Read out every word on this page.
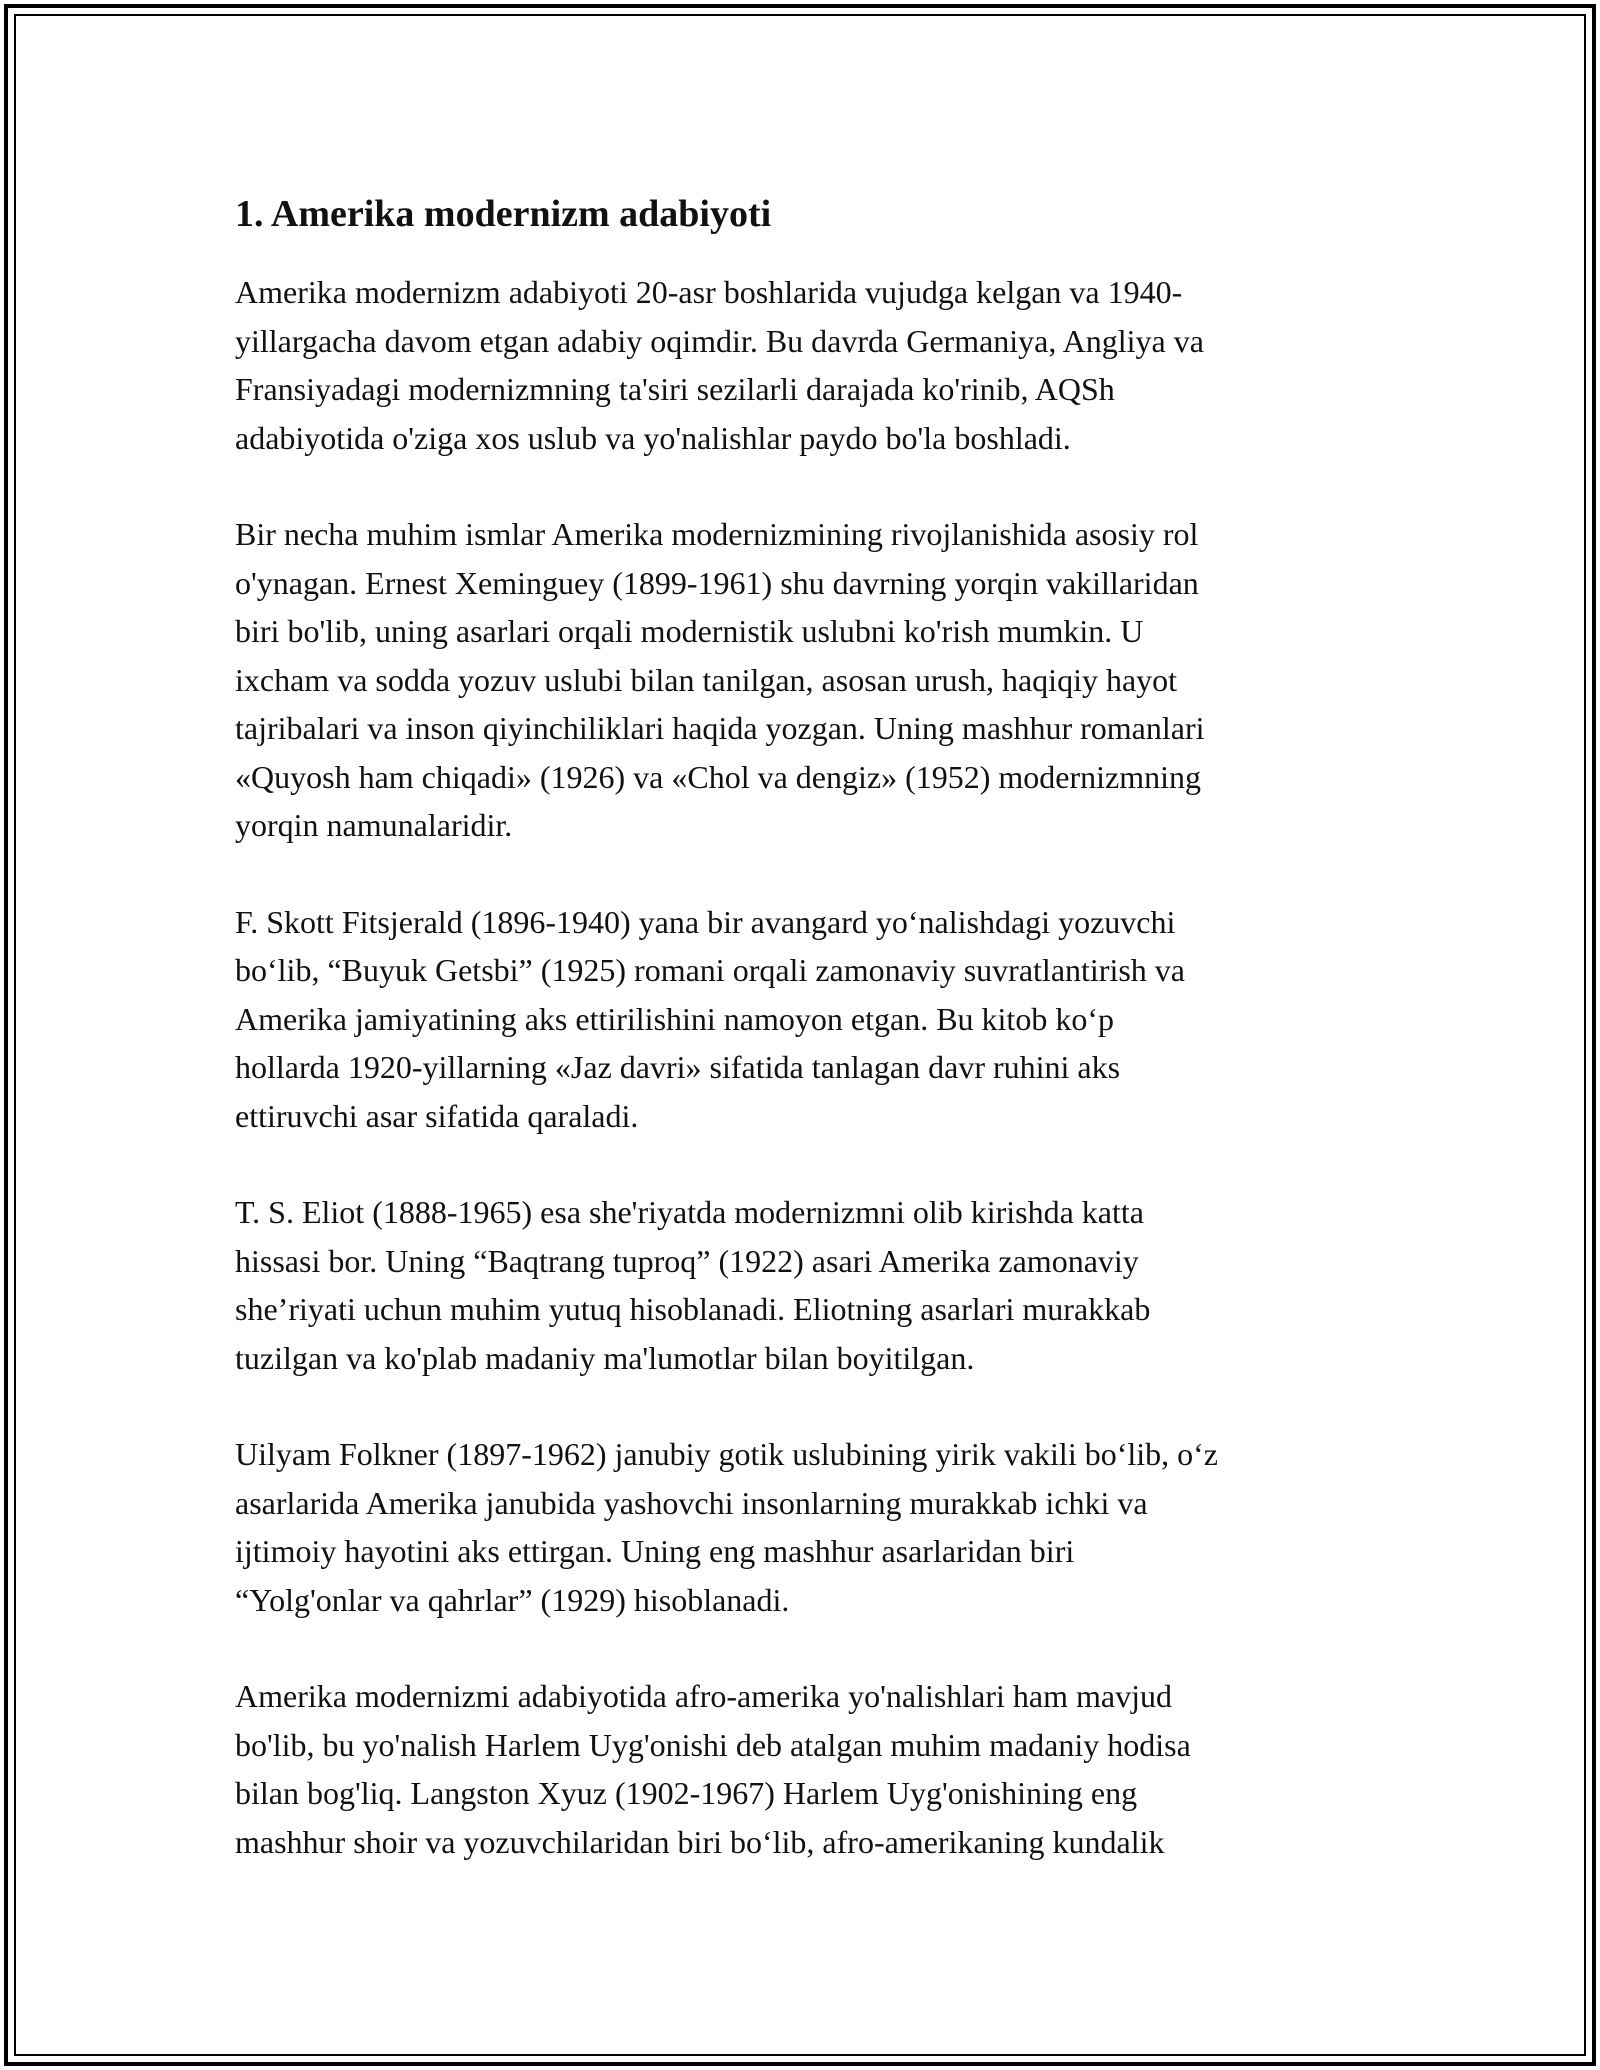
1. Amerika modernizm adabiyoti

Amerika modernizm adabiyoti 20-asr boshlarida vujudga kelgan va 1940-
yillargacha davom etgan adabiy oqimdir. Bu davrda Germaniya, Angliya va
Fransiyadagi modernizmning ta'siri sezilarli darajada ko'rinib, AQSh
adabiyotida o'ziga xos uslub va yo'nalishlar paydo bo'la boshladi.

Bir necha muhim ismlar Amerika modernizmining rivojlanishida asosiy rol
o'ynagan. Ernest Xeminguey (1899-1961) shu davrning yorqin vakillaridan
biri bo'lib, uning asarlari orqali modernistik uslubni ko'rish mumkin. U
ixcham va sodda yozuv uslubi bilan tanilgan, asosan urush, haqiqiy hayot
tajribalari va inson qiyinchiliklari haqida yozgan. Uning mashhur romanlari
«Quyosh ham chiqadi» (1926) va «Chol va dengiz» (1952) modernizmning
yorqin namunalaridir.

F. Skott Fitsjerald (1896-1940) yana bir avangard yo‘nalishdagi yozuvchi
bo‘lib, “Buyuk Getsbi” (1925) romani orqali zamonaviy suvratlantirish va
Amerika jamiyatining aks ettirilishini namoyon etgan. Bu kitob ko‘p
hollarda 1920-yillarning «Jaz davri» sifatida tanlagan davr ruhini aks
ettiruvchi asar sifatida qaraladi.

T. S. Eliot (1888-1965) esa she'riyatda modernizmni olib kirishda katta
hissasi bor. Uning “Baqtrang tuproq” (1922) asari Amerika zamonaviy
she’riyati uchun muhim yutuq hisoblanadi. Eliotning asarlari murakkab
tuzilgan va ko'plab madaniy ma'lumotlar bilan boyitilgan.

Uilyam Folkner (1897-1962) janubiy gotik uslubining yirik vakili bo‘lib, o‘z
asarlarida Amerika janubida yashovchi insonlarning murakkab ichki va
ijtimoiy hayotini aks ettirgan. Uning eng mashhur asarlaridan biri
“Yolg'onlar va qahrlar” (1929) hisoblanadi.

Amerika modernizmi adabiyotida afro-amerika yo'nalishlari ham mavjud
bo'lib, bu yo'nalish Harlem Uyg'onishi deb atalgan muhim madaniy hodisa
bilan bog'liq. Langston Xyuz (1902-1967) Harlem Uyg'onishining eng
mashhur shoir va yozuvchilaridan biri bo‘lib, afro-amerikaning kundalik
